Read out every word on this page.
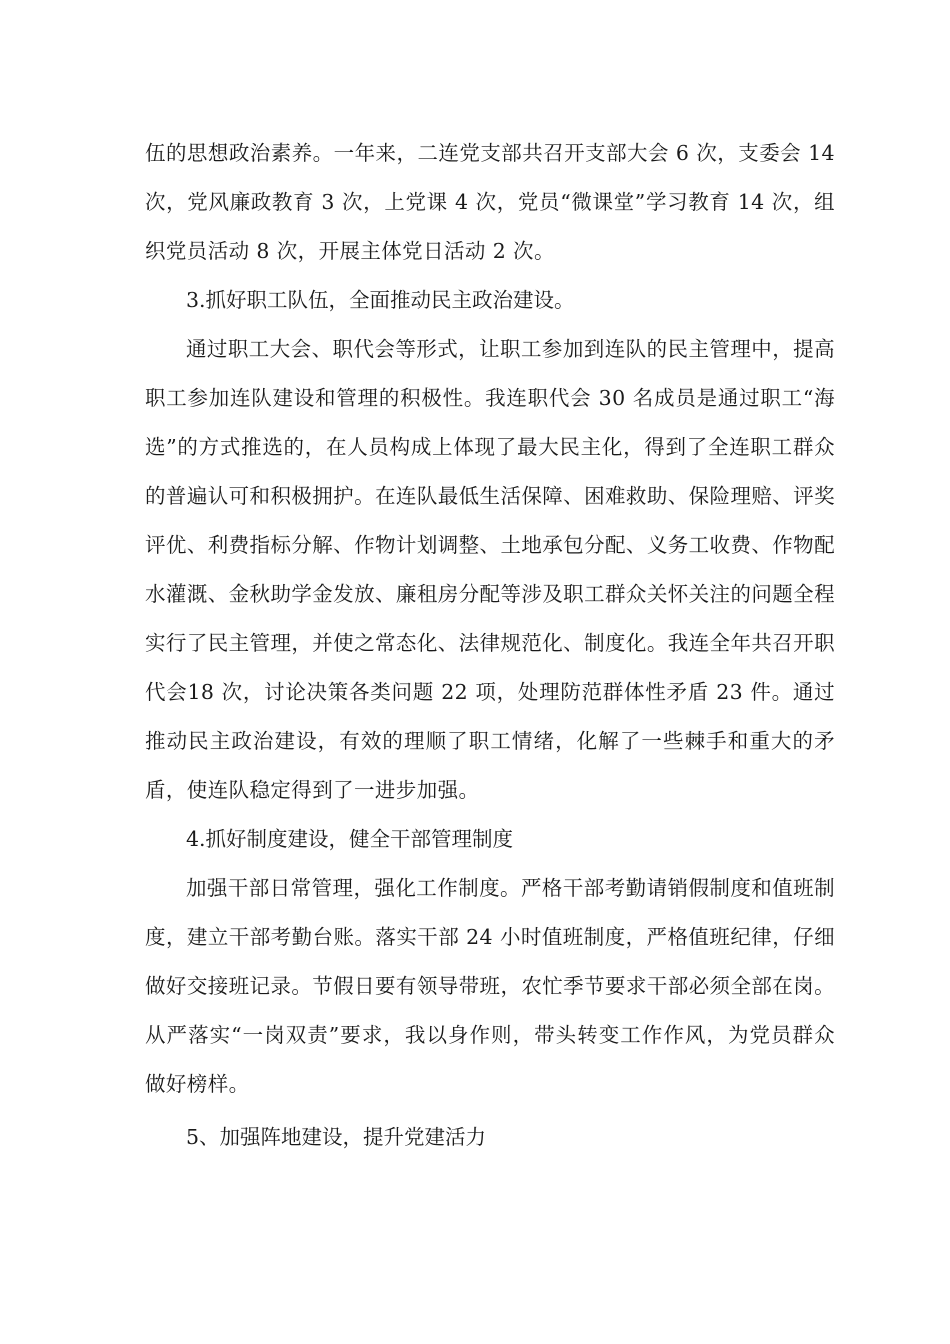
伍的思想政治素养。一年来，二连党支部共召开支部大会 6 次，支委会 14 次，党风廉政教育 3 次，上党课 4 次，党员“微课堂”学习教育 14 次，组织党员活动 8 次，开展主体党日活动 2 次。

3.抓好职工队伍，全面推动民主政治建设。

通过职工大会、职代会等形式，让职工参加到连队的民主管理中，提高职工参加连队建设和管理的积极性。我连职代会 30 名成员是通过职工“海选”的方式推选的，在人员构成上体现了最大民主化，得到了全连职工群众的普遍认可和积极拥护。在连队最低生活保障、困难救助、保险理赔、评奖评优、利费指标分解、作物计划调整、土地承包分配、义务工收费、作物配水灌溉、金秋助学金发放、廉租房分配等涉及职工群众关怀关注的问题全程实行了民主管理，并使之常态化、法律规范化、制度化。我连全年共召开职代会18 次，讨论决策各类问题 22 项，处理防范群体性矛盾 23 件。通过推动民主政治建设，有效的理顺了职工情绪，化解了一些棘手和重大的矛盾，使连队稳定得到了一进步加强。

4.抓好制度建设，健全干部管理制度

加强干部日常管理，强化工作制度。严格干部考勤请销假制度和值班制度，建立干部考勤台账。落实干部 24 小时值班制度，严格值班纪律，仔细做好交接班记录。节假日要有领导带班，农忙季节要求干部必须全部在岗。从严落实“一岗双责”要求，我以身作则，带头转变工作作风，为党员群众做好榜样。

5、加强阵地建设，提升党建活力
